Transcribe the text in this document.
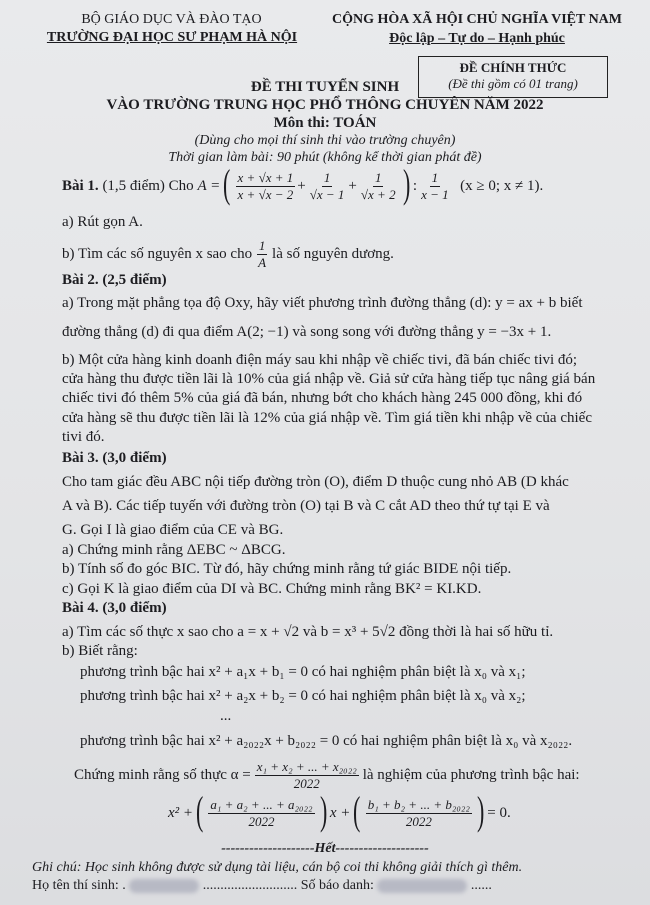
BỘ GIÁO DỤC VÀ ĐÀO TẠO
TRƯỜNG ĐẠI HỌC SƯ PHẠM HÀ NỘI
CỘNG HÒA XÃ HỘI CHỦ NGHĨA VIỆT NAM
Độc lập – Tự do – Hạnh phúc
ĐỀ CHÍNH THỨC
(Đề thi gồm có 01 trang)
ĐỀ THI TUYỂN SINH
VÀO TRƯỜNG TRUNG HỌC PHỔ THÔNG CHUYÊN NĂM 2022
Môn thi: TOÁN
(Dùng cho mọi thí sinh thi vào trường chuyên)
Thời gian làm bài: 90 phút (không kể thời gian phát đề)
Bài 1.
(1,5 điểm) Cho
A = ( $\frac{x + √x + 1}{x + √x - 2} + \frac{1}{√x - 1} + \frac{1}{√x + 2}$ ) : $\frac{1}{x - 1}$
(x ≥ 0; x ≠ 1).
a) Rút gọn A.
b) Tìm các số nguyên x sao cho $\frac{1}{A}$ là số nguyên dương.
Bài 2. (2,5 điểm)
a) Trong mặt phẳng tọa độ Oxy, hãy viết phương trình đường thẳng (d): y = ax + b biết
đường thẳng (d) đi qua điểm A(2; −1) và song song với đường thẳng y = −3x + 1.
b) Một cửa hàng kinh doanh điện máy sau khi nhập về chiếc tivi, đã bán chiếc tivi đó;
cửa hàng thu được tiền lãi là 10% của giá nhập về. Giả sử cửa hàng tiếp tục nâng giá bán
chiếc tivi đó thêm 5% của giá đã bán, nhưng bớt cho khách hàng 245 000 đồng, khi đó
cửa hàng sẽ thu được tiền lãi là 12% của giá nhập về. Tìm giá tiền khi nhập về của chiếc
tivi đó.
Bài 3. (3,0 điểm)
Cho tam giác đều ABC nội tiếp đường tròn (O), điểm D thuộc cung nhỏ AB (D khác
A và B). Các tiếp tuyến với đường tròn (O) tại B và C cắt AD theo thứ tự tại E và
G. Gọi I là giao điểm của CE và BG.
a) Chứng minh rằng ΔEBC ~ ΔBCG.
b) Tính số đo góc BIC. Từ đó, hãy chứng minh rằng tứ giác BIDE nội tiếp.
c) Gọi K là giao điểm của DI và BC. Chứng minh rằng BK² = KI.KD.
Bài 4. (3,0 điểm)
a) Tìm các số thực x sao cho a = x + √2 và b = x³ + 5√2 đồng thời là hai số hữu tỉ.
b) Biết rằng:
phương trình bậc hai x² + a₁x + b₁ = 0 có hai nghiệm phân biệt là x₀ và x₁;
phương trình bậc hai x² + a₂x + b₂ = 0 có hai nghiệm phân biệt là x₀ và x₂;
...
phương trình bậc hai x² + a₂₀₂₂x + b₂₀₂₂ = 0 có hai nghiệm phân biệt là x₀ và x₂₀₂₂.
Chứng minh rằng số thực $\alpha = \frac{\text{x₁ + x₂ + ... + x₂₀₂₂}}{2022}$ là nghiệm của phương trình bậc hai:
x² + ( $\frac{\text{a₁ + a₂ + ... + a₂₀₂₂}}{2022}$ ) x + ( $\frac{\text{b₁ + b₂ + ... + b₂₀₂₂}}{2022}$ ) = 0.
--------------------Hết--------------------
Ghi chú: Học sinh không được sử dụng tài liệu, cán bộ coi thi không giải thích gì thêm.
Họ tên thí sinh: .	........................... Số báo danh:	......
